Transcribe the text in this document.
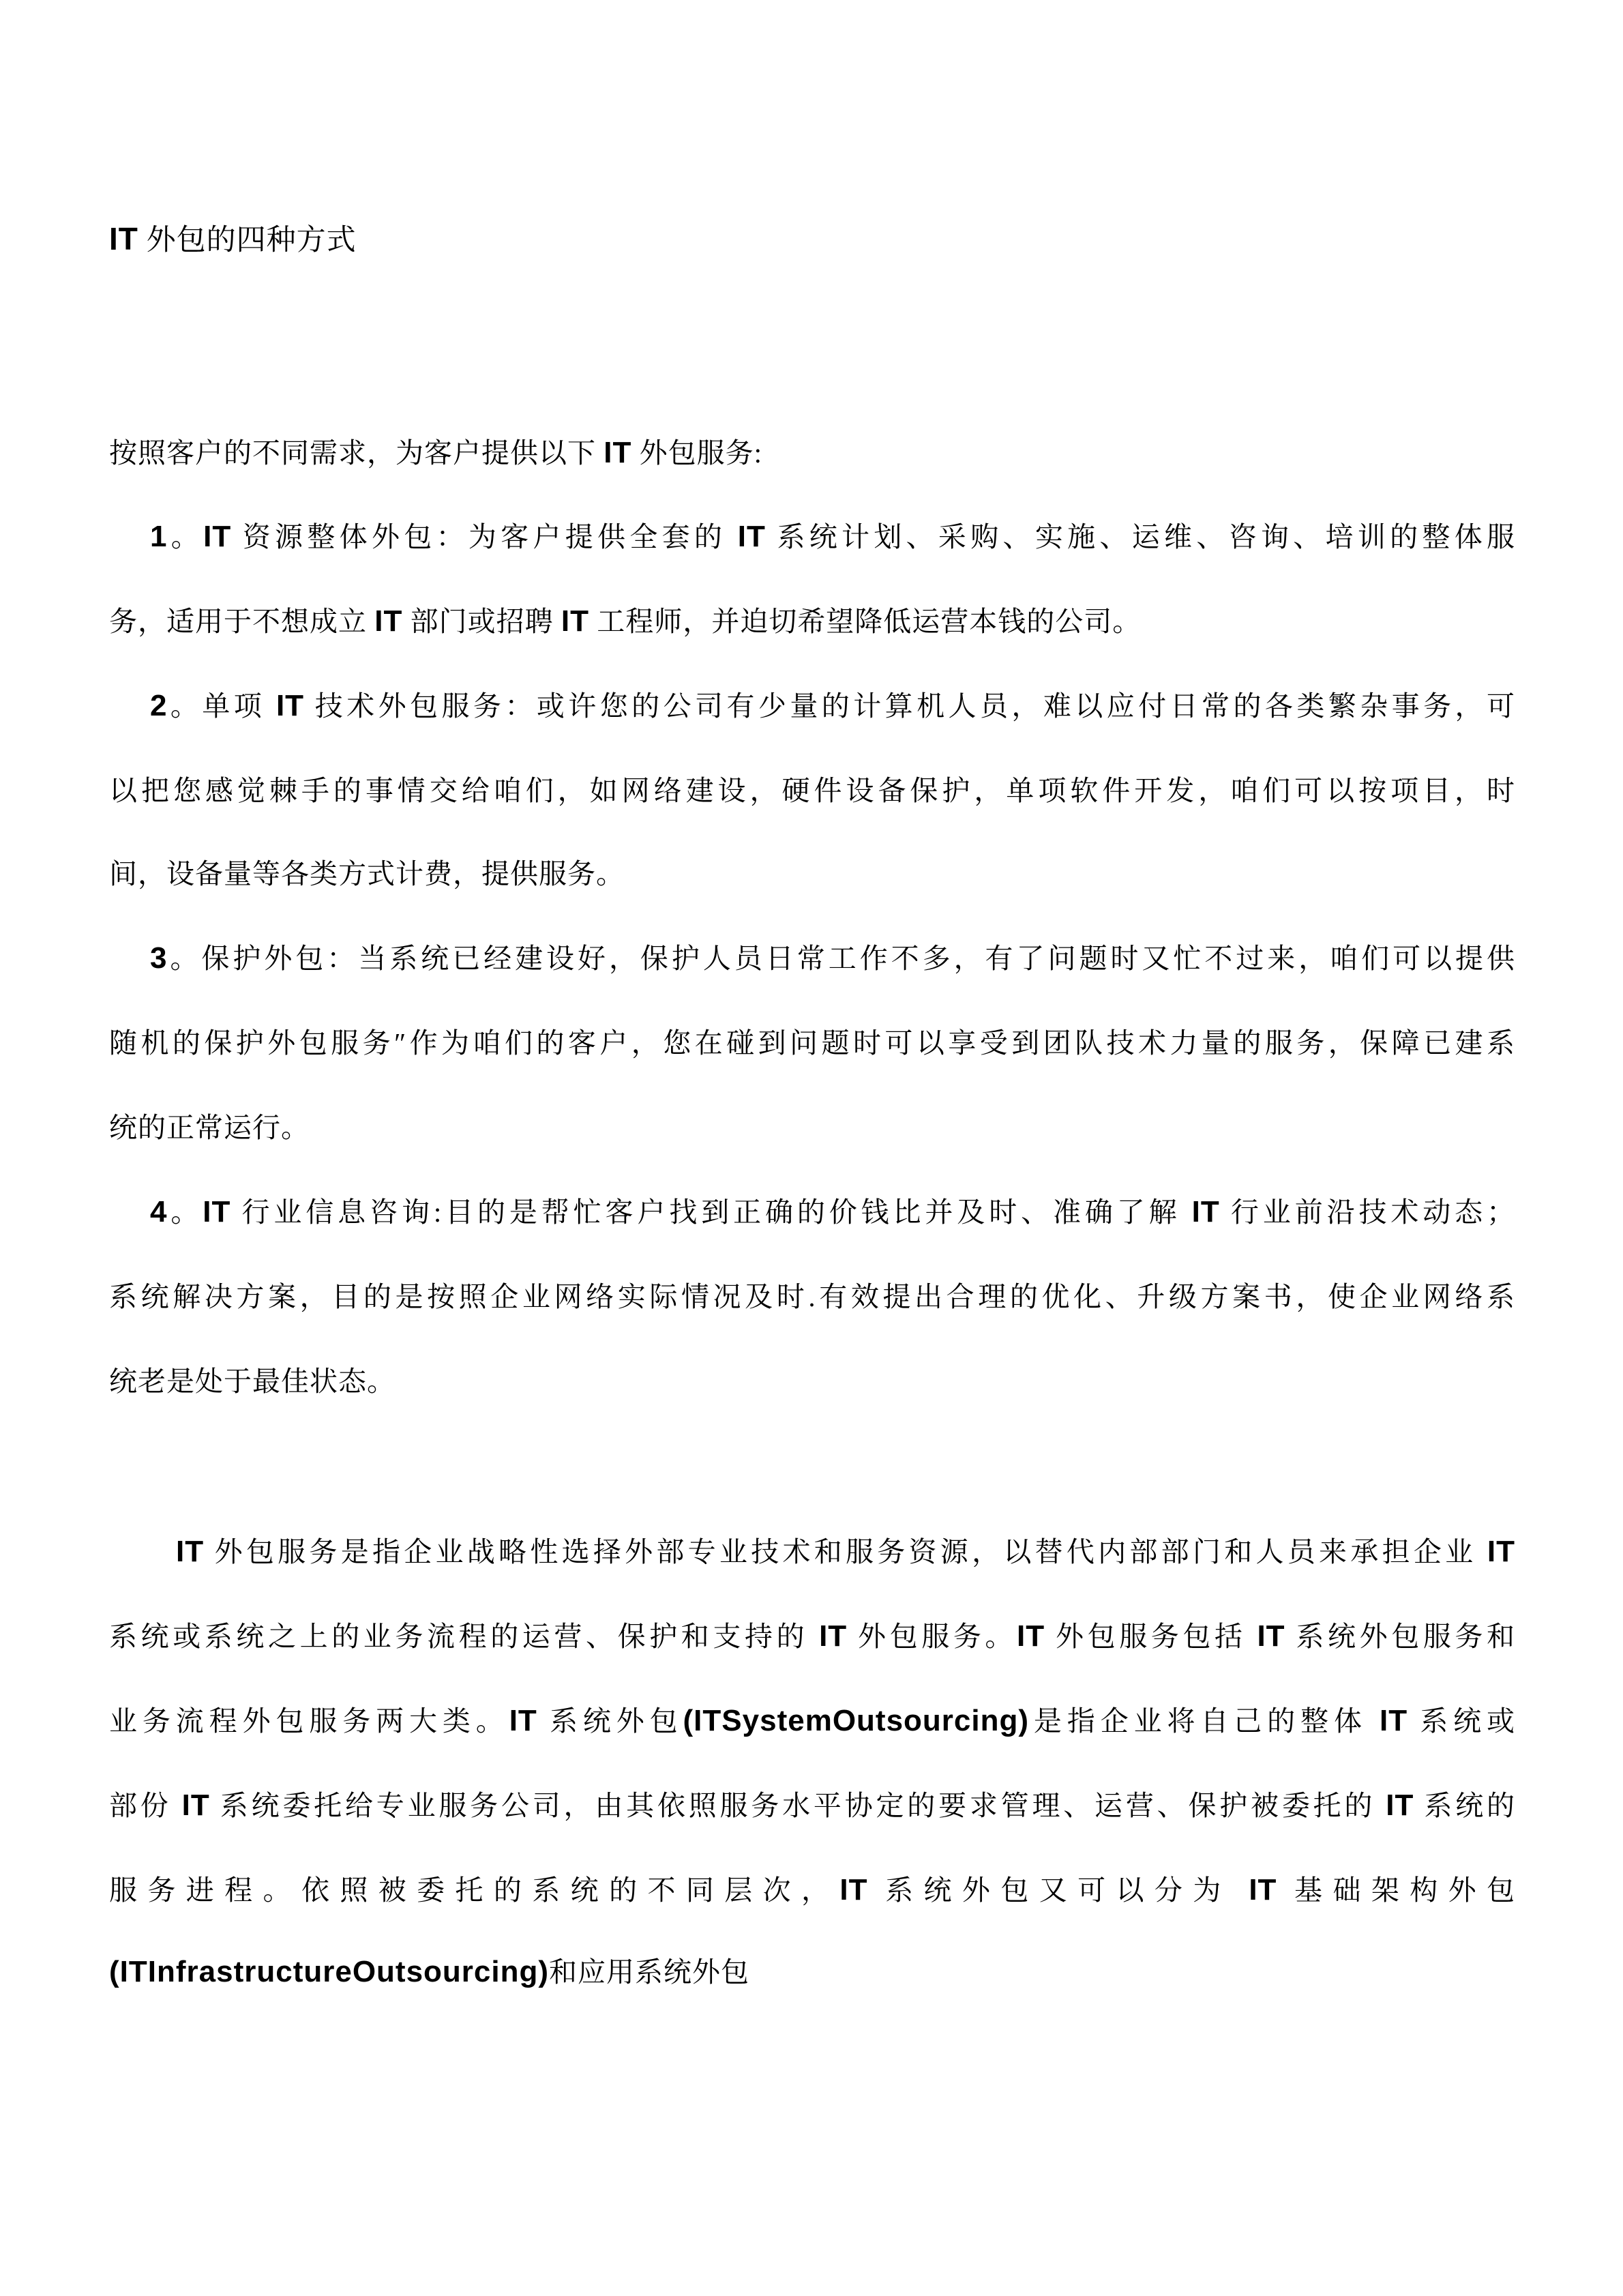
IT 外包的四种方式
按照客户的不同需求，为客户提供以下 IT 外包服务:
1。IT 资源整体外包：为客户提供全套的 IT 系统计划、采购、实施、运维、咨询、培训的整体服
务，适用于不想成立 IT 部门或招聘 IT 工程师，并迫切希望降低运营本钱的公司。
2。单项 IT 技术外包服务：或许您的公司有少量的计算机人员，难以应付日常的各类繁杂事务，可
以把您感觉棘手的事情交给咱们，如网络建设，硬件设备保护，单项软件开发，咱们可以按项目，时
间，设备量等各类方式计费，提供服务。
3。保护外包：当系统已经建设好，保护人员日常工作不多，有了问题时又忙不过来，咱们可以提供
随机的保护外包服务″作为咱们的客户，您在碰到问题时可以享受到团队技术力量的服务，保障已建系
统的正常运行。
4。IT 行业信息咨询:目的是帮忙客户找到正确的价钱比并及时、准确了解 IT 行业前沿技术动态；
系统解决方案，目的是按照企业网络实际情况及时.有效提出合理的优化、升级方案书，使企业网络系
统老是处于最佳状态。
IT 外包服务是指企业战略性选择外部专业技术和服务资源，以替代内部部门和人员来承担企业 IT
系统或系统之上的业务流程的运营、保护和支持的 IT 外包服务。IT 外包服务包括 IT 系统外包服务和
业务流程外包服务两大类。IT 系统外包(ITSystemOutsourcing)是指企业将自己的整体 IT 系统或
部份 IT 系统委托给专业服务公司，由其依照服务水平协定的要求管理、运营、保护被委托的 IT 系统的
服务进程。依照被委托的系统的不同层次，IT 系统外包又可以分为 IT 基础架构外包
(ITInfrastructureOutsourcing)和应用系统外包
